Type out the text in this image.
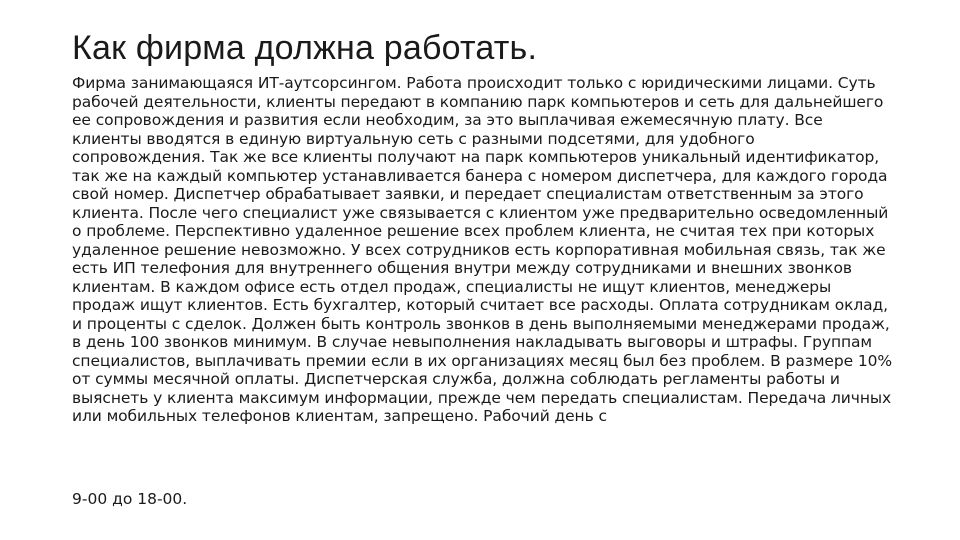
Как фирма должна работать.

Фирма занимающаяся ИТ-аутсорсингом. Работа происходит только с юридическими лицами. Суть рабочей деятельности, клиенты передают в компанию парк компьютеров и сеть для дальнейшего ее сопровождения и развития если необходим, за это выплачивая ежемесячную плату. Все клиенты вводятся в единую виртуальную сеть с разными подсетями, для удобного сопровождения. Так же все клиенты получают на парк компьютеров уникальный идентификатор, так же на каждый компьютер устанавливается банера с номером диспетчера, для каждого города свой номер. Диспетчер обрабатывает заявки, и передает специалистам ответственным за этого клиента. После чего специалист уже связывается с клиентом уже предварительно осведомленный о проблеме. Перспективно удаленное решение всех проблем клиента, не считая тех при которых удаленное решение невозможно. У всех сотрудников есть корпоративная мобильная связь, так же есть ИП телефония для внутреннего общения внутри между сотрудниками и внешних звонков клиентам. В каждом офисе есть отдел продаж, специалисты не ищут клиентов, менеджеры продаж ищут клиентов. Есть бухгалтер, который считает все расходы. Оплата сотрудникам оклад, и проценты с сделок. Должен быть контроль звонков в день выполняемыми менеджерами продаж, в день 100 звонков минимум. В случае невыполнения накладывать выговоры и штрафы. Группам специалистов, выплачивать премии если в их организациях месяц был без проблем. В размере 10% от суммы месячной оплаты. Диспетчерская служба, должна соблюдать регламенты работы и выяснеть у клиента максимум информации, прежде чем передать специалистам. Передача личных или мобильных телефонов клиентам, запрещено. Рабочий день с

9-00 до 18-00.
